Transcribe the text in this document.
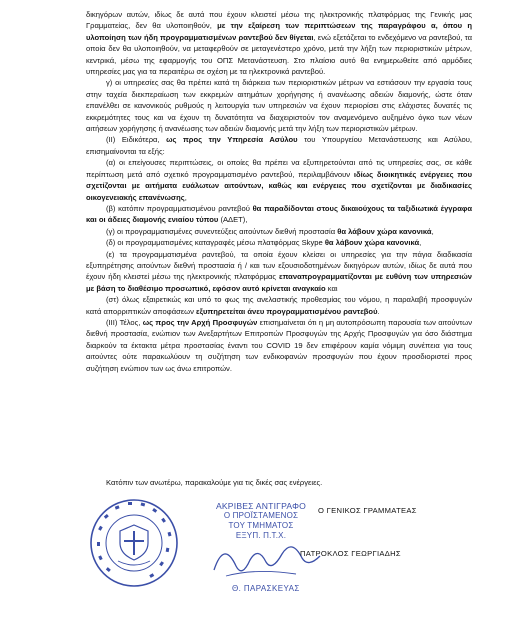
δικηγόρων αυτών, ιδίως δε αυτά που έχουν κλειστεί μέσω της ηλεκτρονικής πλατφόρμας της Γενικής μας Γραμματείας, δεν θα υλοποιηθούν, με την εξαίρεση των περιπτώσεων της παραγράφου α, όπου η υλοποίηση των ήδη προγραμματισμένων ραντεβού δεν θίγεται, ενώ εξετάζεται το ενδεχόμενο να ραντεβού, τα οποία δεν θα υλοποιηθούν, να μεταφερθούν σε μεταγενέστερο χρόνο, μετά την λήξη των περιοριστικών μέτρων, κεντρικά, μέσω της εφαρμογής του ΟΠΣ Μετανάστευση. Στο πλαίσιο αυτό θα ενημερωθείτε από αρμόδιες υπηρεσίες μας για τα περαιτέρω σε σχέση με τα ηλεκτρονικά ραντεβού.

γ) οι υπηρεσίες σας θα πρέπει κατά τη διάρκεια των περιοριστικών μέτρων να εστιάσουν την εργασία τους στην ταχεία διεκπεραίωση των εκκρεμών αιτημάτων χορήγησης ή ανανέωσης αδειών διαμονής, ώστε όταν επανέλθει σε κανονικούς ρυθμούς η λειτουργία των υπηρεσιών να έχουν περιορίσει στις ελάχιστες δυνατές τις εκκρεμότητες τους και να έχουν τη δυνατότητα να διαχειριστούν τον αναμενόμενο αυξημένο όγκο των νέων αιτήσεων χορήγησης ή ανανέωσης των αδειών διαμονής μετά την λήξη των περιοριστικών μέτρων.

(ΙΙ) Ειδικότερα, ως προς την Υπηρεσία Ασύλου του Υπουργείου Μετανάστευσης και Ασύλου, επισημαίνονται τα εξής:

(α) οι επείγουσες περιπτώσεις, οι οποίες θα πρέπει να εξυπηρετούνται από τις υπηρεσίες σας, σε κάθε περίπτωση μετά από σχετικό προγραμματισμένο ραντεβού, περιλαμβάνουν ιδίως διοικητικές ενέργειες που σχετίζονται με αιτήματα ευάλωτων αιτούντων, καθώς και ενέργειες που σχετίζονται με διαδικασίες οικογενειακής επανένωσης,

(β) κατόπιν προγραμματισμένου ραντεβού θα παραδίδονται στους δικαιούχους τα ταξιδιωτικά έγγραφα και οι άδειες διαμονής ενιαίου τύπου (ΑΔΕΤ),

(γ) οι προγραμματισμένες συνεντεύξεις αιτούντων διεθνή προστασία θα λάβουν χώρα κανονικά,

(δ) οι προγραμματισμένες καταγραφές μέσω πλατφόρμας Skype θα λάβουν χώρα κανονικά,

(ε) τα προγραμματισμένα ραντεβού, τα οποία έχουν κλείσει οι υπηρεσίες για την πάγια διαδικασία εξυπηρέτησης αιτούντων διεθνή προστασία ή / και των εξουσιοδοτημένων δικηγόρων αυτών, ιδίως δε αυτά που έχουν ήδη κλειστεί μέσω της ηλεκτρονικής πλατφόρμας επαναπρογραμματίζονται με ευθύνη των υπηρεσιών με βάση το διαθέσιμο προσωπικό, εφόσον αυτό κρίνεται αναγκαίο και

(στ) όλως εξαιρετικώς και υπό το φως της ανελαστικής προθεσμίας του νόμου, η παραλαβή προσφυγών κατά απορριπτικών αποφάσεων εξυπηρετείται άνευ προγραμματισμένου ραντεβού.

(ΙΙΙ) Τέλος, ως προς την Αρχή Προσφυγών επισημαίνεται ότι η μη αυτοπρόσωπη παρουσία των αιτούντων διεθνή προστασία, ενώπιον των Ανεξαρτήτων Επιτροπών Προσφυγών της Αρχής Προσφυγών για όσο διάστημα διαρκούν τα έκτακτα μέτρα προστασίας έναντι του COVID 19 δεν επιφέρουν καμία νόμιμη συνέπεια για τους αιτούντες ούτε παρακωλύουν τη συζήτηση των ενδικοφανών προσφυγών που έχουν προσδιοριστεί προς συζήτηση ενώπιον των ως άνω επιτροπών.

Κατόπιν των ανωτέρω, παρακαλούμε για τις δικές σας ενέργειες.
ΑΚΡΙΒΕΣ ΑΝΤΙΓΡΑΦΟ
Ο ΠΡΟΪΣΤΑΜΕΝΟΣ
ΤΟΥ ΤΜΗΜΑΤΟΣ
ΕΞΥΠ. Π.Τ.Χ.
Θ. ΠΑΡΑΣΚΕΥΑΣ
Ο ΓΕΝΙΚΟΣ ΓΡΑΜΜΑΤΕΑΣ
ΠΑΤΡΟΚΛΟΣ ΓΕΩΡΓΙΑΔΗΣ
